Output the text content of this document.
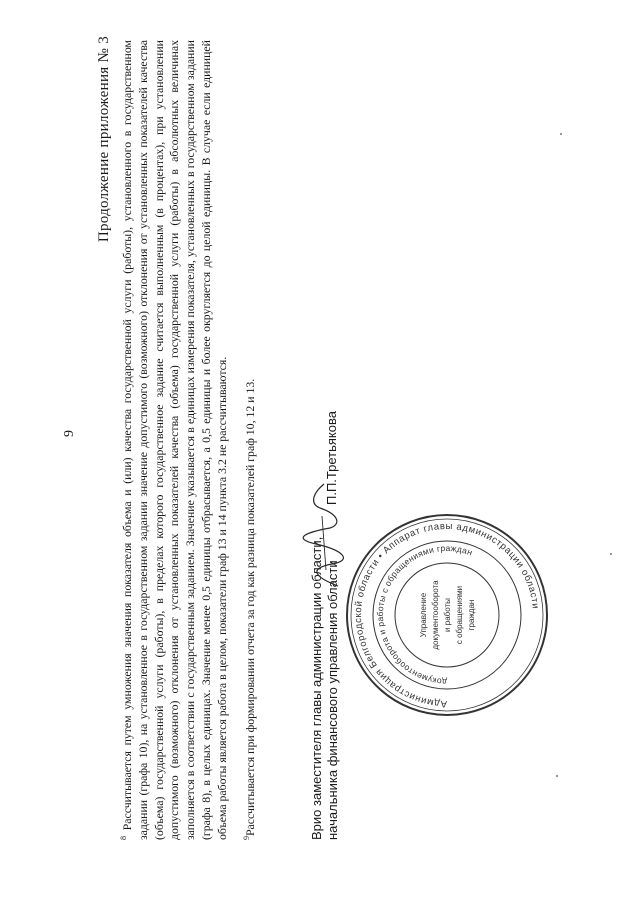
9
Продолжение приложения № 3

$^8$ Рассчитывается путем умножения значения показателя объема и (или) качества государственной услуги (работы), установленного в государственном задании (графа 10), на установленное в государственном задании значение допустимого (возможного) отклонения от установленных показателей качества (объема) государственной услуги (работы), в пределах которого государственное задание считается выполненным (в процентах), при установлении допустимого (возможного) отклонения от установленных показателей качества (объема) государственной услуги (работы) в абсолютных величинах заполняется в соответствии с государственным заданием. Значение указывается в единицах измерения показателя, установленных в государственном задании (графа 8), в целых единицах. Значение менее 0,5 единицы отбрасывается, а 0,5 единицы и более округляется до целой единицы. В случае если единицей объема работы является работа в целом, показатели граф 13 и 14 пункта 3.2 не рассчитываются. $^9$Рассчитывается при формировании отчета за год как разница показателей граф 10, 12 и 13.	Врио заместителя главы администрации области, начальника финансового управления области
П.П.Третьякова
Администрация Белгородской области • Аппарат главы администрации области
документооборота и работы с обращениями граждан
Управление документооборота и работы с обращениями граждан
